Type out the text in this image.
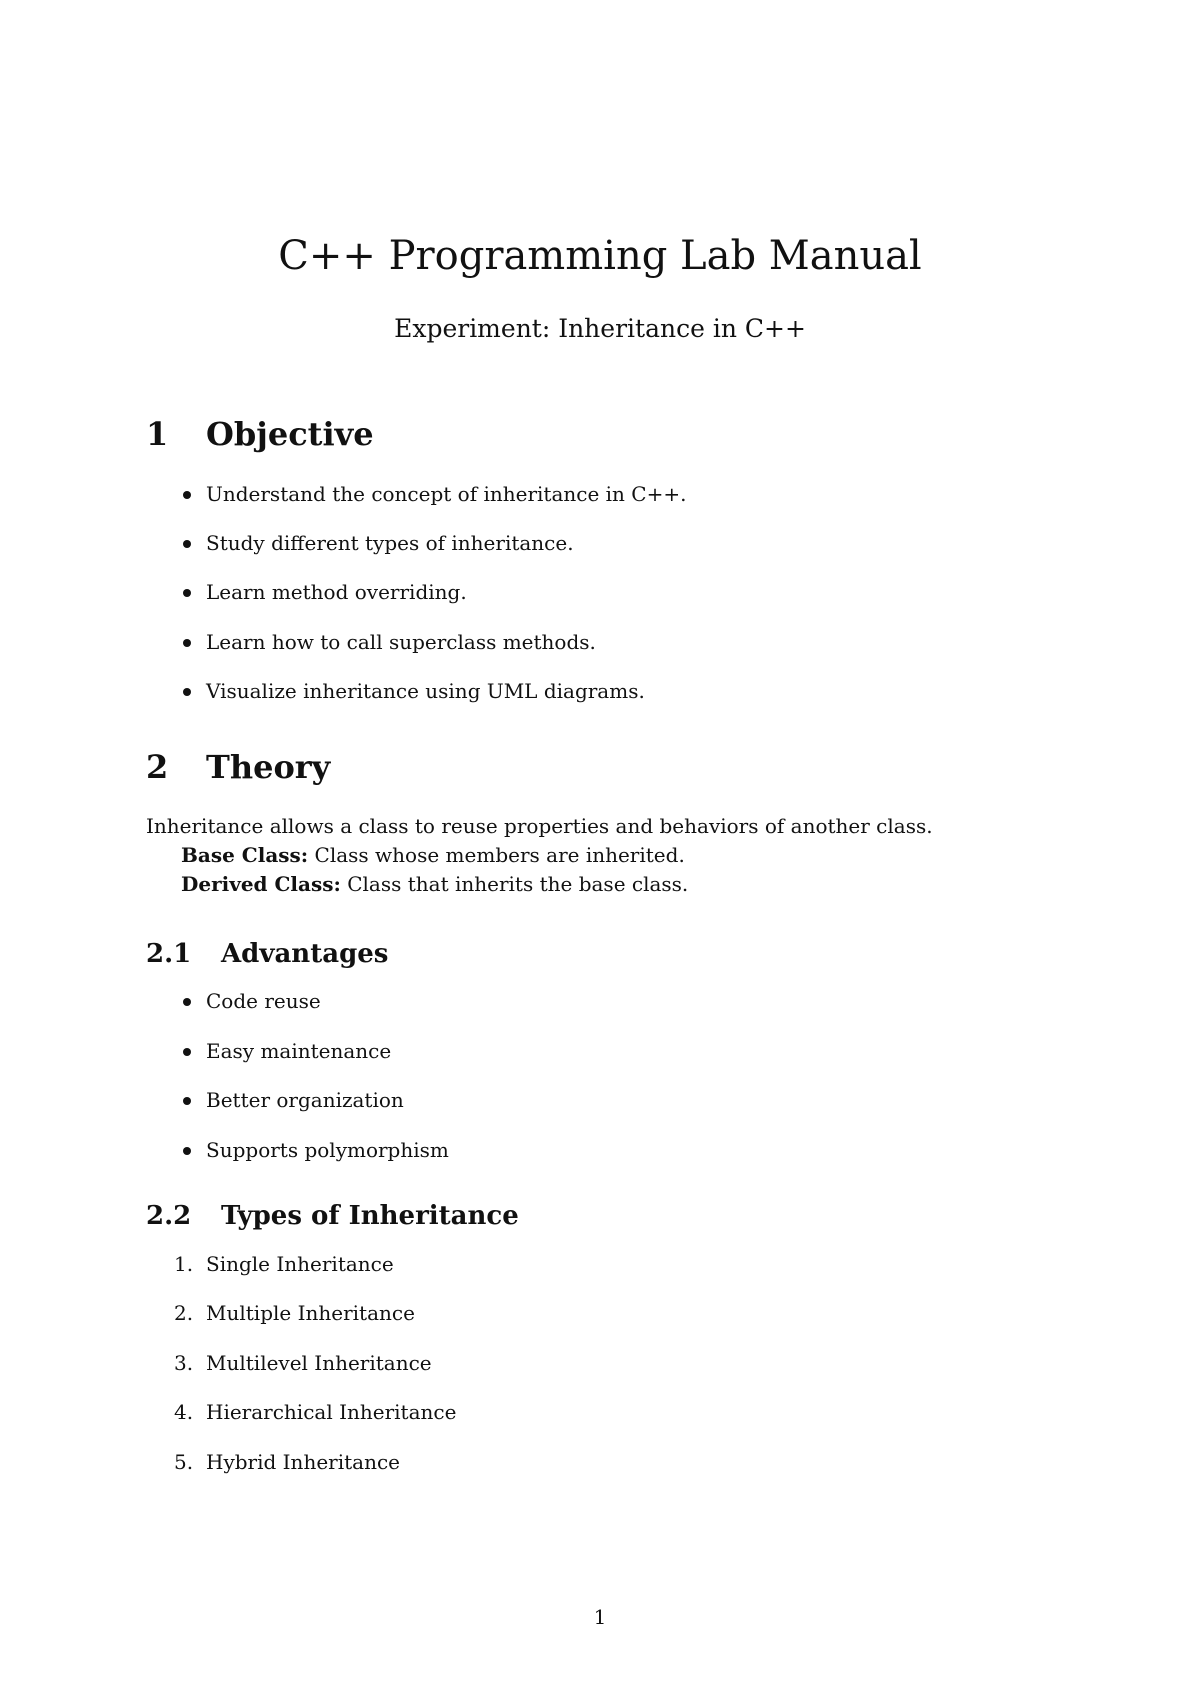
C++ Programming Lab Manual

Experiment: Inheritance in C++

1 Objective
Understand the concept of inheritance in C++.
Study different types of inheritance.
Learn method overriding.
Learn how to call superclass methods.
Visualize inheritance using UML diagrams.
2 Theory

Inheritance allows a class to reuse properties and behaviors of another class.

Base Class: Class whose members are inherited.

Derived Class: Class that inherits the base class.

2.1 Advantages
Code reuse
Easy maintenance
Better organization
Supports polymorphism
2.2 Types of Inheritance
1. Single Inheritance
2. Multiple Inheritance
3. Multilevel Inheritance
4. Hierarchical Inheritance
5. Hybrid Inheritance
1
